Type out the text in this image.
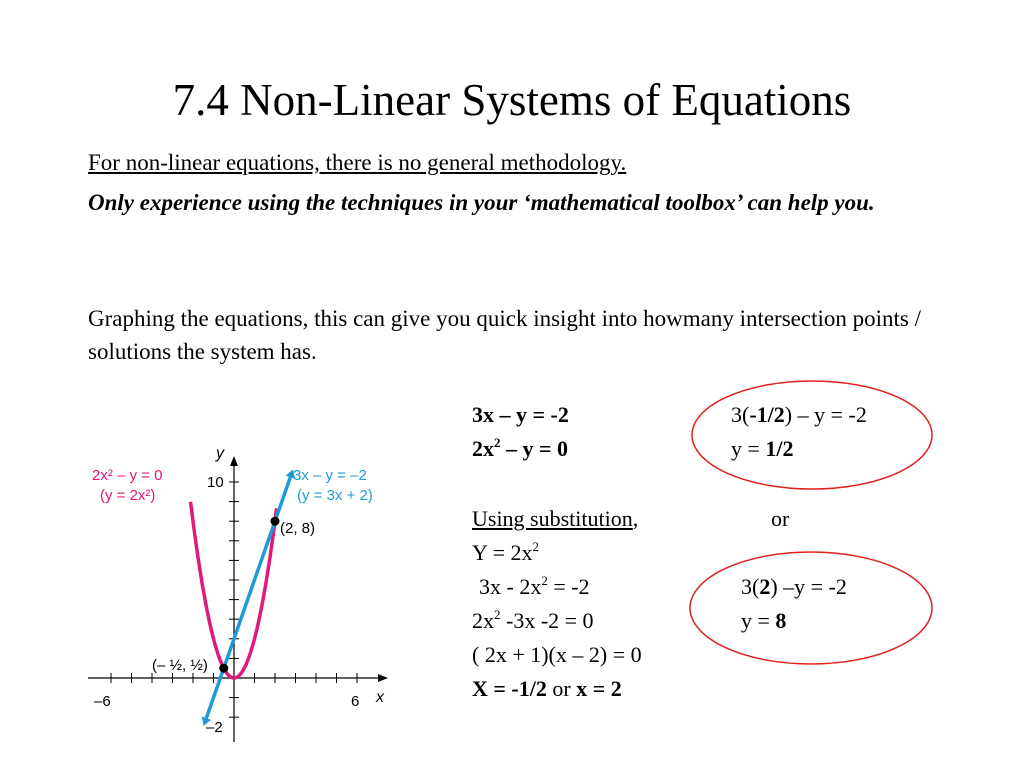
7.4 Non-Linear Systems of Equations
For non-linear equations, there is no general methodology.
Only experience using the techniques in your ‘mathematical toolbox’ can help you.
Graphing the equations, this can give you quick insight into howmany intersection points / solutions the system has.
3x – y = -2
$2x^2 - y = 0$
3(-1/2) – y = -2
y = 1/2
Using substitution,	or
$Y = 2x^2$
$3x - 2x^2 = -2$
$2x^2$ -3x -2 = 0
( 2x + 1)(x – 2) = 0
X = -1/2 or x = 2
3(2) –y = -2
y = 8
y
x
10
–2
–6	6
2x² – y = 0
(y = 2x²)
3x – y = –2
(y = 3x + 2)
(2, 8)
(– ½, ½)
